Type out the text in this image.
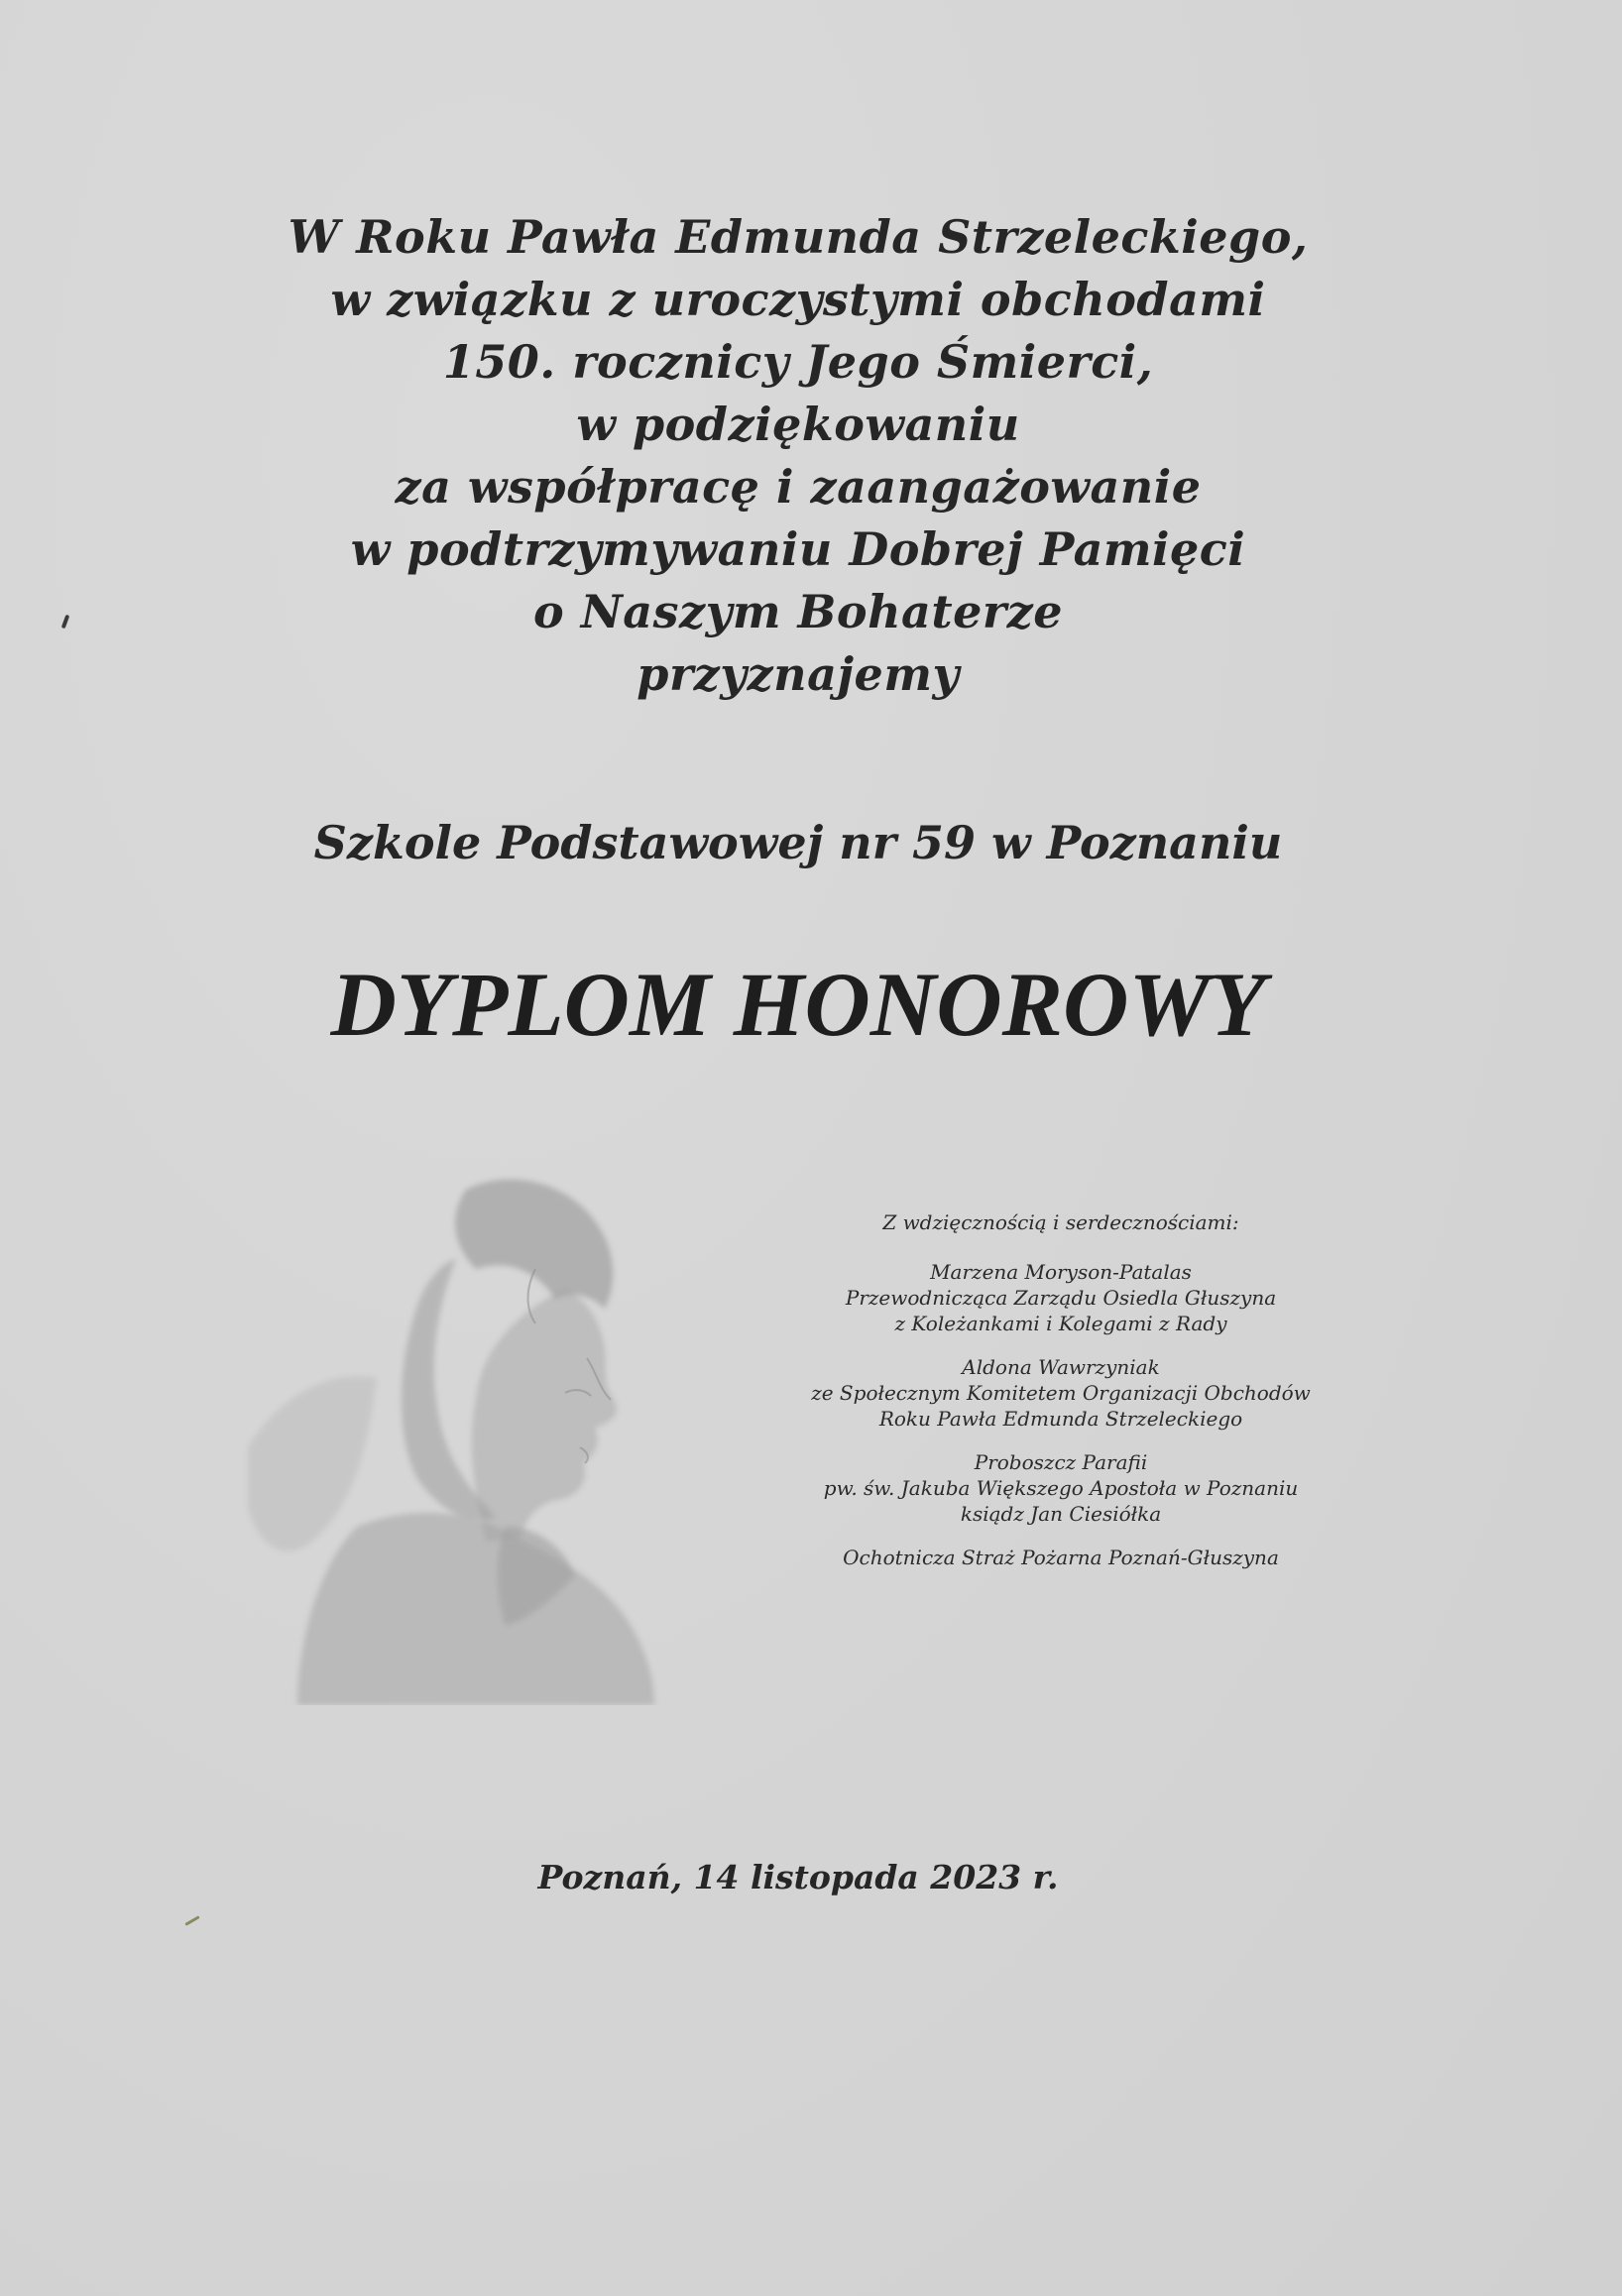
W Roku Pawła Edmunda Strzeleckiego,
w związku z uroczystymi obchodami
150. rocznicy Jego Śmierci,
w podziękowaniu
za współpracę i zaangażowanie
w podtrzymywaniu Dobrej Pamięci
o Naszym Bohaterze
przyznajemy
Szkole Podstawowej nr 59 w Poznaniu
DYPLOM HONOROWY
Z wdzięcznością i serdecznościami:
Marzena Moryson-Patalas
Przewodnicząca Zarządu Osiedla Głuszyna
z Koleżankami i Kolegami z Rady
Aldona Wawrzyniak
ze Społecznym Komitetem Organizacji Obchodów
Roku Pawła Edmunda Strzeleckiego
Proboszcz Parafii
pw. św. Jakuba Większego Apostoła w Poznaniu
ksiądz Jan Ciesiółka
Ochotnicza Straż Pożarna Poznań-Głuszyna
Poznań, 14 listopada 2023 r.
